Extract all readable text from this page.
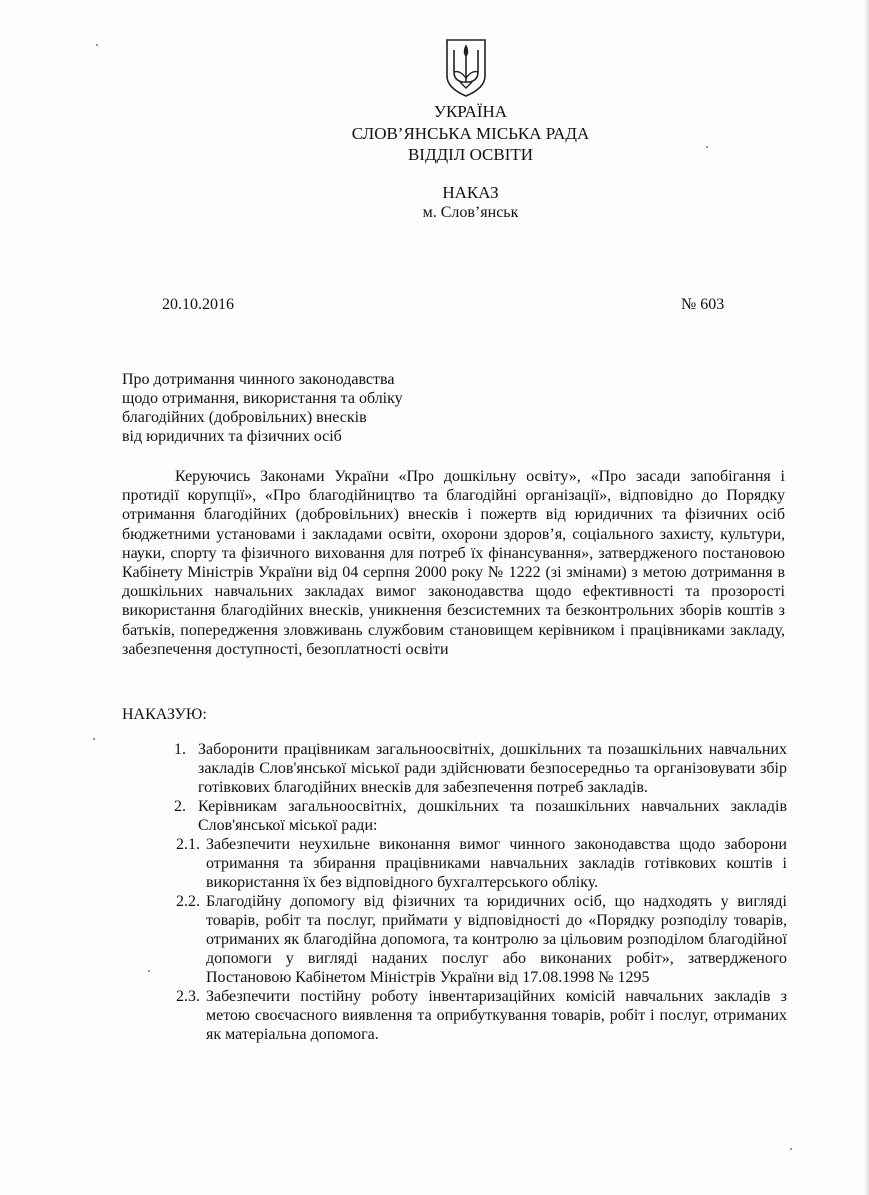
УКРАЇНА
СЛОВ’ЯНСЬКА МІСЬКА РАДА
ВІДДІЛ ОСВІТИ
НАКАЗ
м. Слов’янськ
20.10.2016	№ 603
Про дотримання чинного законодавства
щодо отримання, використання та обліку
благодійних (добровільних) внесків
від юридичних та фізичних осіб

Керуючись Законами України «Про дошкільну освіту», «Про засади запобігання і протидії корупції», «Про благодійництво та благодійні організації», відповідно до Порядку отримання благодійних (добровільних) внесків і пожертв від юридичних та фізичних осіб бюджетними установами і закладами освіти, охорони здоров’я, соціального захисту, культури, науки, спорту та фізичного виховання для потреб їх фінансування», затвердженого постановою Кабінету Міністрів України від 04 серпня 2000 року № 1222 (зі змінами) з метою дотримання в дошкільних навчальних закладах вимог законодавства щодо ефективності та прозорості використання благодійних внесків, уникнення безсистемних та безконтрольних зборів коштів з батьків, попередження зловживань службовим становищем керівником і працівниками закладу, забезпечення доступності, безоплатності освіти

НАКАЗУЮ:
1. Заборонити працівникам загальноосвітніх, дошкільних та позашкільних навчальних закладів Слов'янської міської ради здійснювати безпосередньо та організовувати збір готівкових благодійних внесків для забезпечення потреб закладів.
2. Керівникам загальноосвітніх, дошкільних та позашкільних навчальних закладів Слов'янської міської ради:
2.1. Забезпечити неухильне виконання вимог чинного законодавства щодо заборони отримання та збирання працівниками навчальних закладів готівкових коштів і використання їх без відповідного бухгалтерського обліку.
2.2. Благодійну допомогу від фізичних та юридичних осіб, що надходять у вигляді товарів, робіт та послуг, приймати у відповідності до «Порядку розподілу товарів, отриманих як благодійна допомога, та контролю за цільовим розподілом благодійної допомоги у вигляді наданих послуг або виконаних робіт», затвердженого Постановою Кабінетом Міністрів України від 17.08.1998 № 1295
2.3. Забезпечити постійну роботу інвентаризаційних комісій навчальних закладів з метою своєчасного виявлення та оприбуткування товарів, робіт і послуг, отриманих як матеріальна допомога.
